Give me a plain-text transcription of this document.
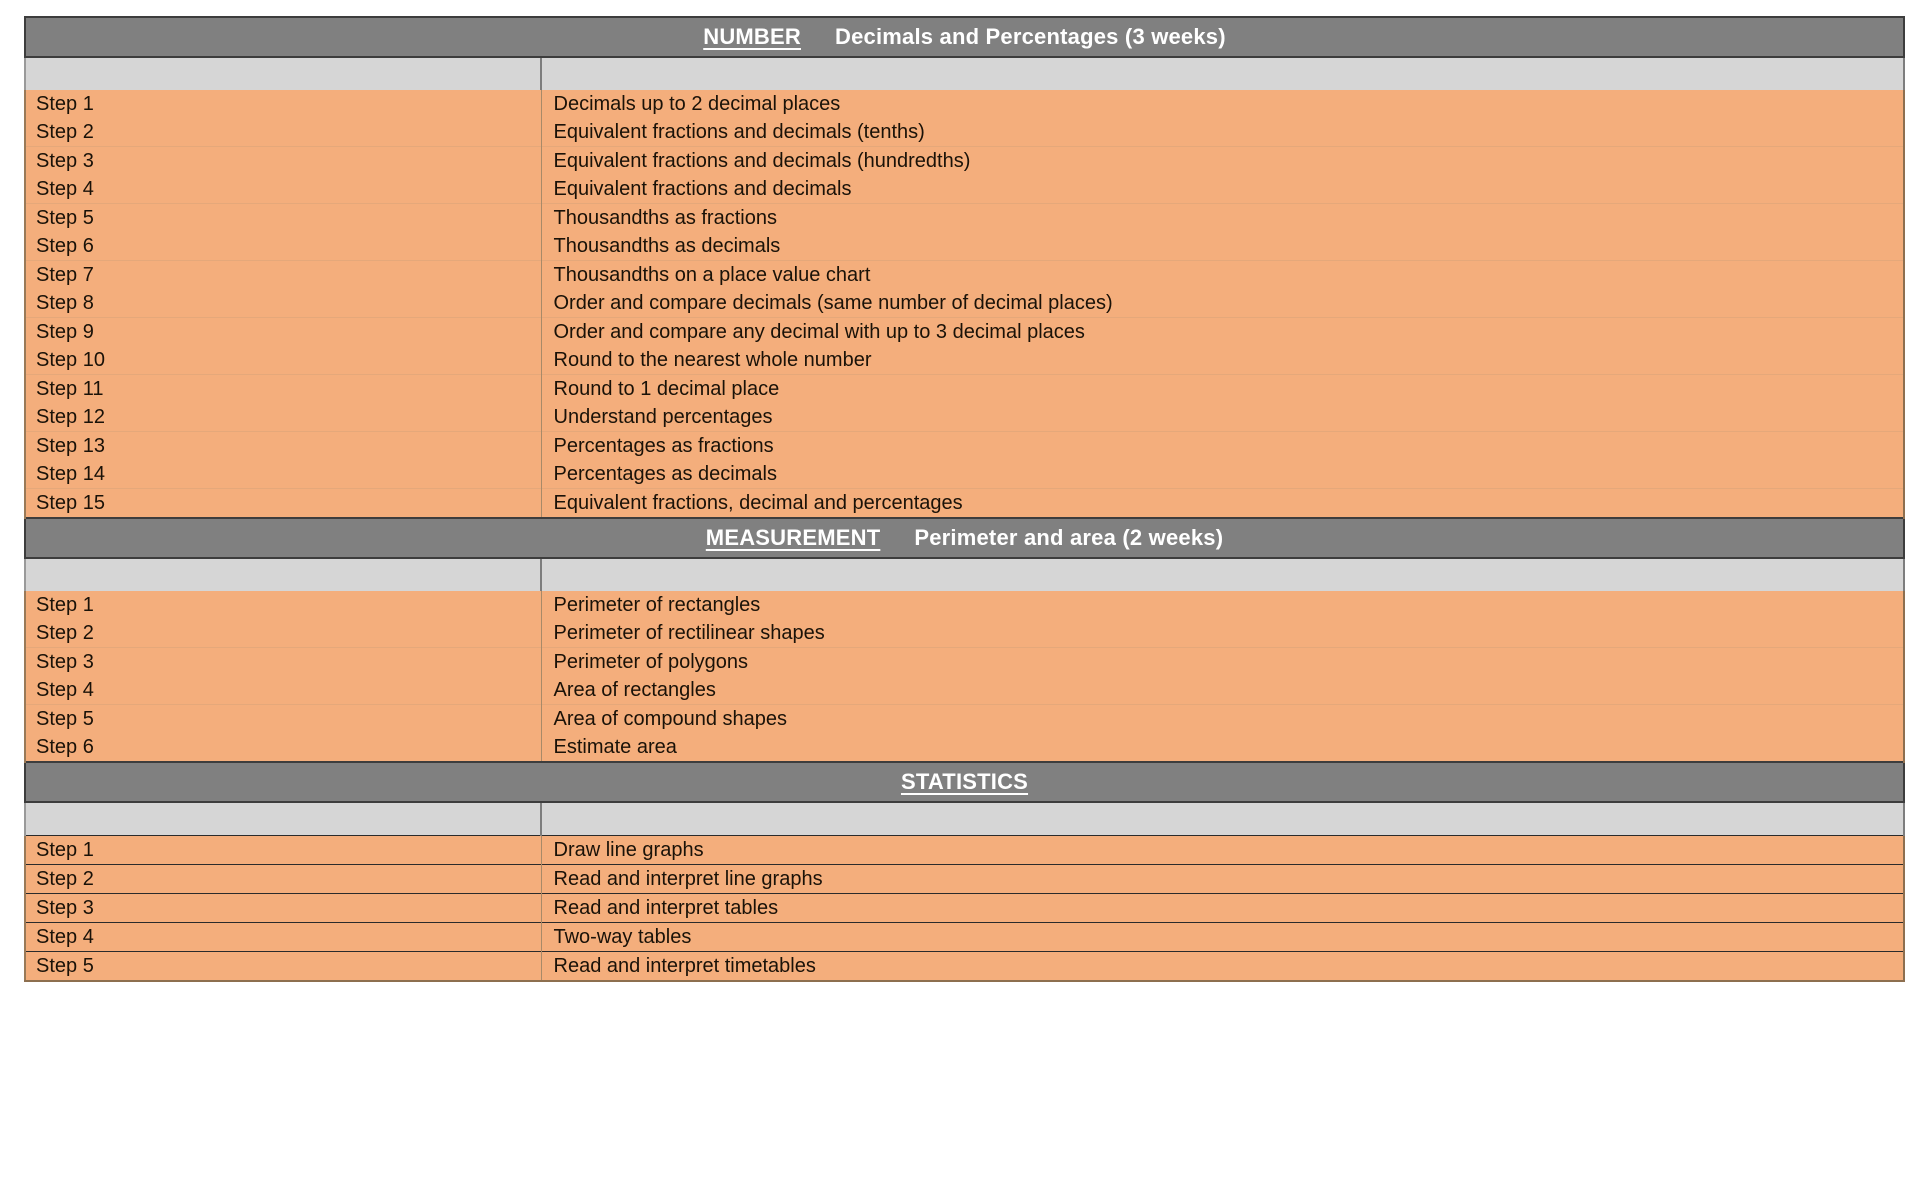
NUMBER Decimals and Percentages (3 weeks)	

Step 1	Decimals up to 2 decimal places
Step 2	Equivalent fractions and decimals (tenths)
Step 3	Equivalent fractions and decimals (hundredths)
Step 4	Equivalent fractions and decimals
Step 5	Thousandths as fractions
Step 6	Thousandths as decimals
Step 7	Thousandths on a place value chart
Step 8	Order and compare decimals (same number of decimal places)
Step 9	Order and compare any decimal with up to 3 decimal places
Step 10	Round to the nearest whole number
Step 11	Round to 1 decimal place
Step 12	Understand percentages
Step 13	Percentages as fractions
Step 14	Percentages as decimals
Step 15	Equivalent fractions, decimal and percentages

MEASUREMENT Perimeter and area (2 weeks)	

Step 1	Perimeter of rectangles
Step 2	Perimeter of rectilinear shapes
Step 3	Perimeter of polygons
Step 4	Area of rectangles
Step 5	Area of compound shapes
Step 6	Estimate area

STATISTICS	

Step 1	Draw line graphs
Step 2	Read and interpret line graphs
Step 3	Read and interpret tables
Step 4	Two-way tables
Step 5	Read and interpret timetables
